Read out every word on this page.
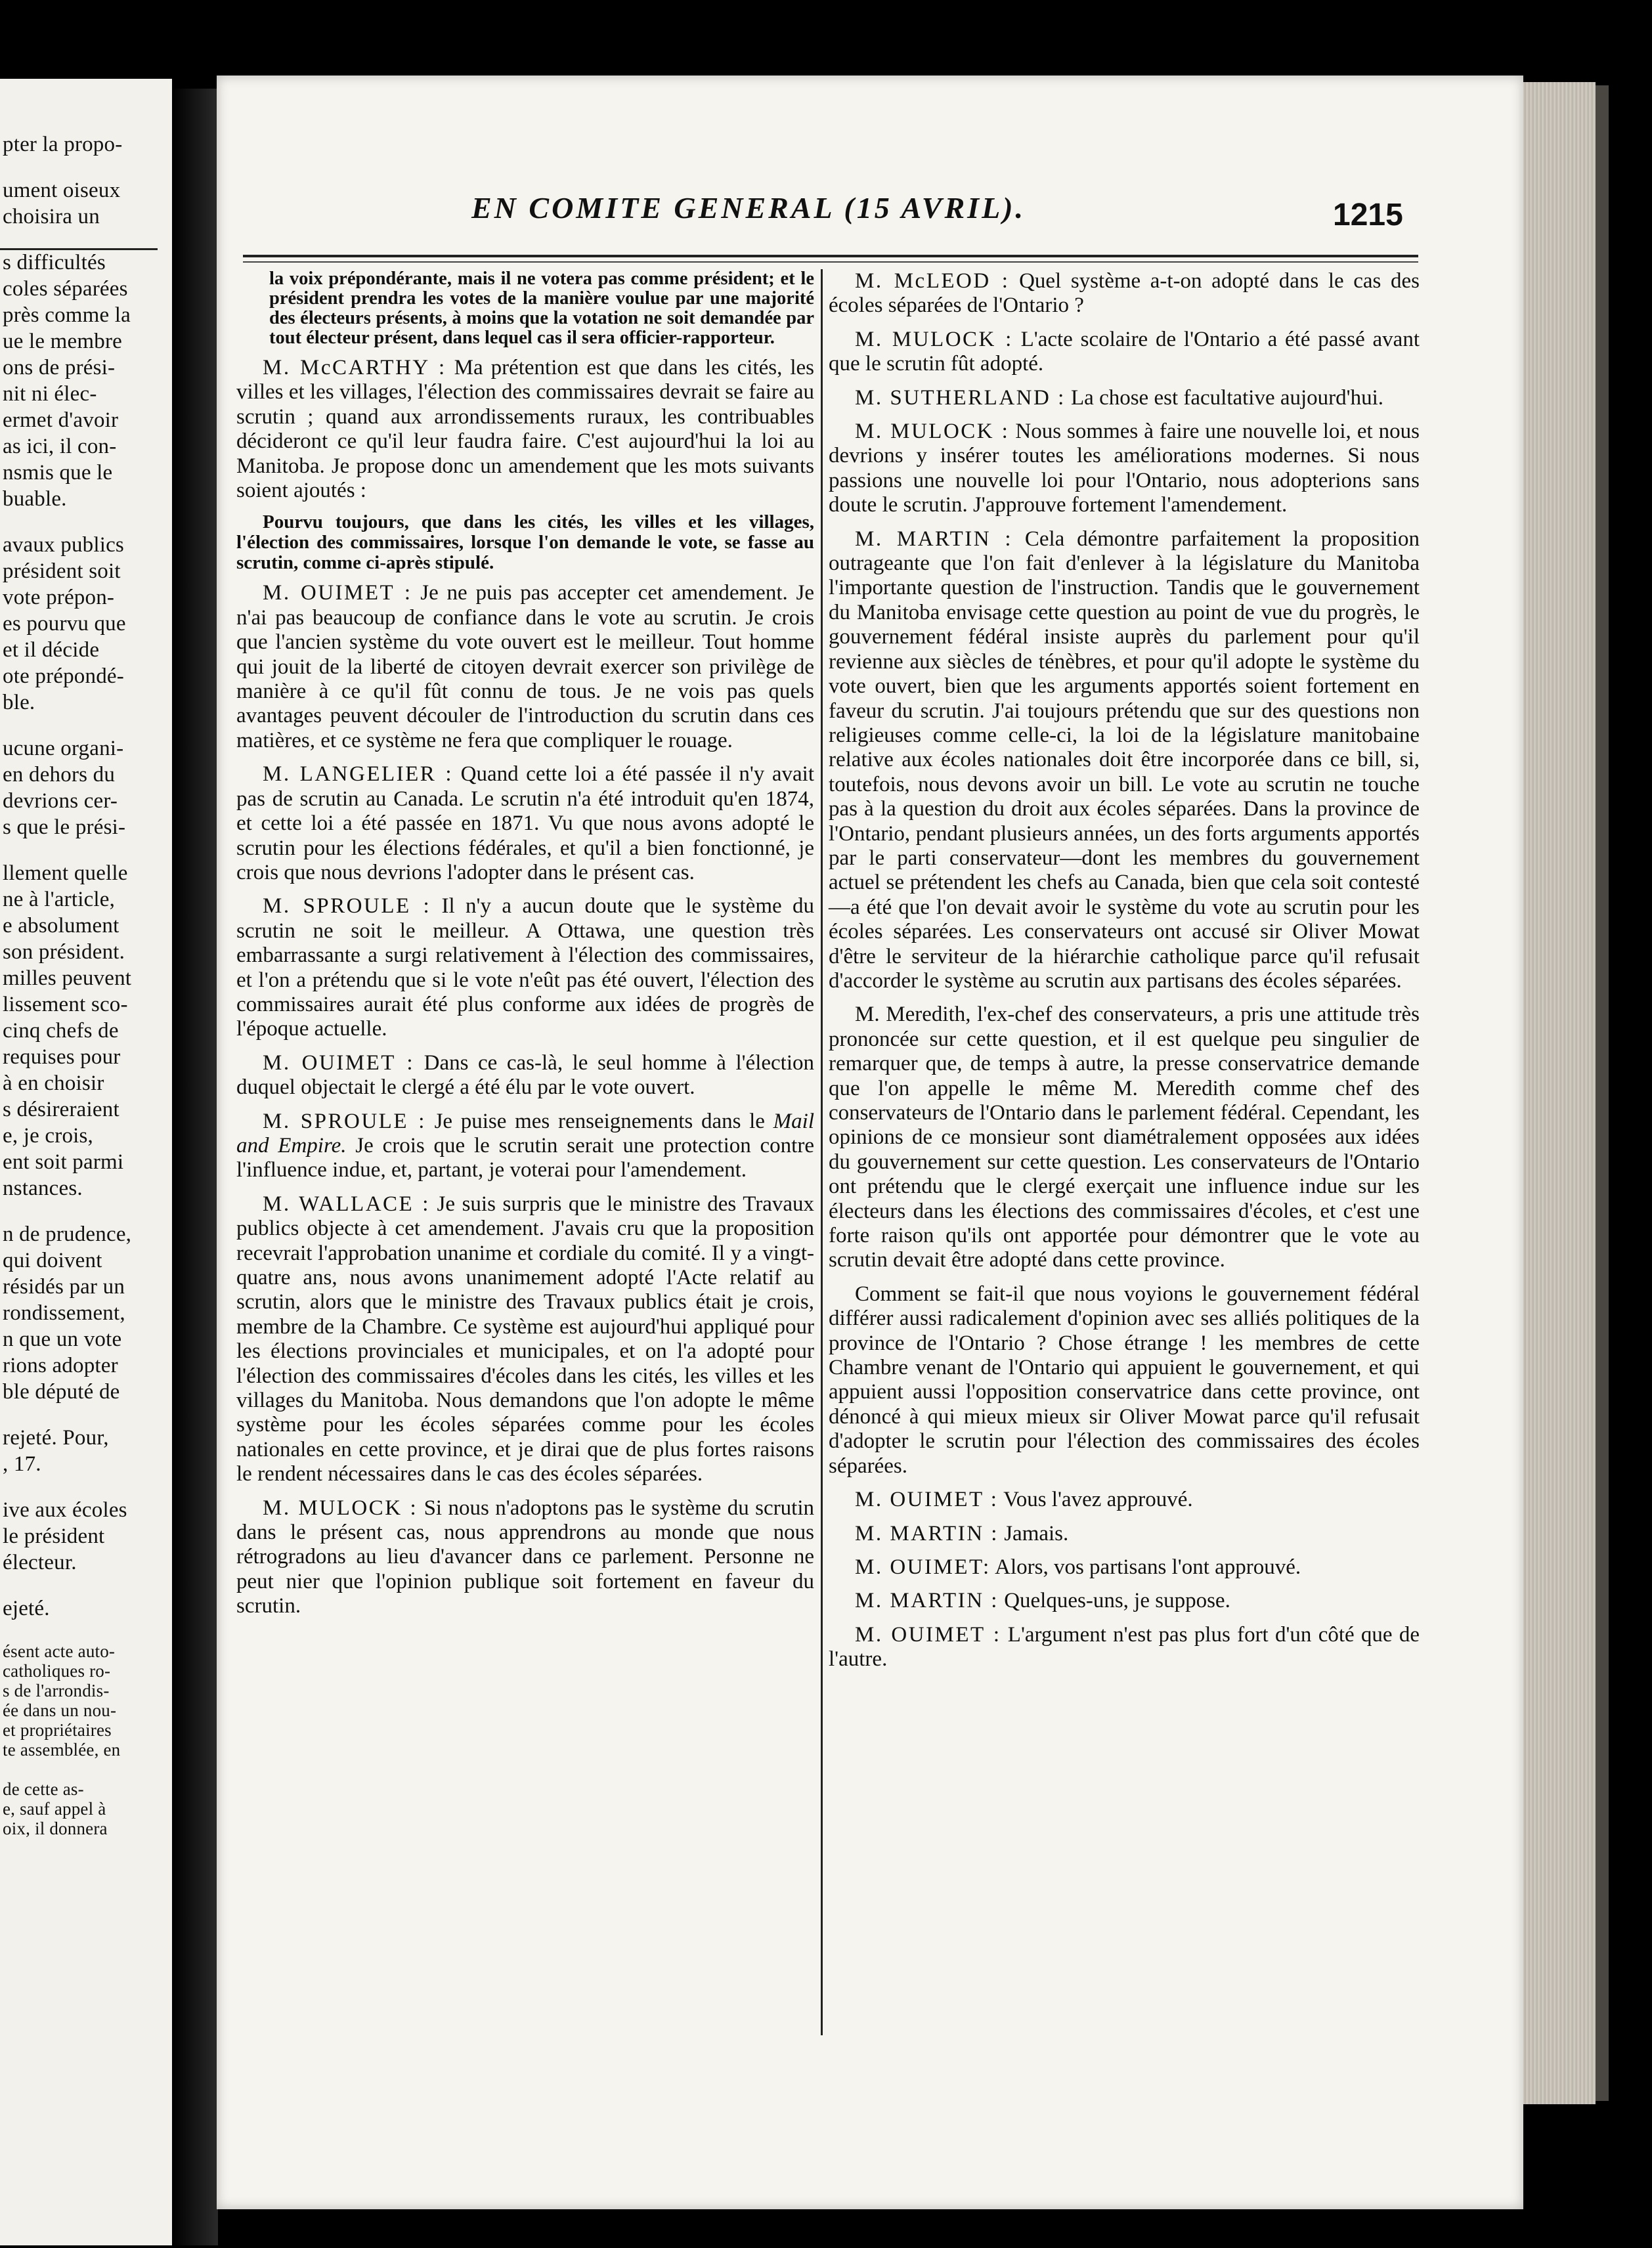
pter la propo-
ument oiseux
choisira un
s difficultés
coles séparées
près comme la
ue le membre
ons de prési-
nit ni élec-
ermet d'avoir
as ici, il con-
nsmis que le
buable.
avaux publics
président soit
vote prépon-
es pourvu que
et il décide
ote prépondé-
ble.
ucune organi-
en dehors du
devrions cer-
s que le prési-
llement quelle
ne à l'article,
e absolument
son président.
milles peuvent
lissement sco-
cinq chefs de
requises pour
à en choisir
s désireraient
e, je crois,
ent soit parmi
nstances.
n de prudence,
qui doivent
résidés par un
rondissement,
n que un vote
rions adopter
ble député de
rejeté. Pour,
, 17.
ive aux écoles
le président
électeur.
ejeté.
ésent acte auto-
catholiques ro-
s de l'arrondis-
ée dans un nou-
et propriétaires
te assemblée, en
de cette as-
e, sauf appel à
oix, il donnera
EN COMITE GENERAL (15 AVRIL).	1215

la voix prépondérante, mais il ne votera pas comme président; et le président prendra les votes de la manière voulue par une majorité des électeurs présents, à moins que la votation ne soit demandée par tout électeur présent, dans lequel cas il sera officier-rapporteur.

M. McCARTHY : Ma prétention est que dans les cités, les villes et les villages, l'élection des commissaires devrait se faire au scrutin ; quand aux arrondissements ruraux, les contribuables décideront ce qu'il leur faudra faire. C'est aujourd'hui la loi au Manitoba. Je propose donc un amendement que les mots suivants soient ajoutés :

Pourvu toujours, que dans les cités, les villes et les villages, l'élection des commissaires, lorsque l'on demande le vote, se fasse au scrutin, comme ci-après stipulé.

M. OUIMET : Je ne puis pas accepter cet amendement. Je n'ai pas beaucoup de confiance dans le vote au scrutin. Je crois que l'ancien système du vote ouvert est le meilleur. Tout homme qui jouit de la liberté de citoyen devrait exercer son privilège de manière à ce qu'il fût connu de tous. Je ne vois pas quels avantages peuvent découler de l'introduction du scrutin dans ces matières, et ce système ne fera que compliquer le rouage.

M. LANGELIER : Quand cette loi a été passée il n'y avait pas de scrutin au Canada. Le scrutin n'a été introduit qu'en 1874, et cette loi a été passée en 1871. Vu que nous avons adopté le scrutin pour les élections fédérales, et qu'il a bien fonctionné, je crois que nous devrions l'adopter dans le présent cas.

M. SPROULE : Il n'y a aucun doute que le système du scrutin ne soit le meilleur. A Ottawa, une question très embarrassante a surgi relativement à l'élection des commissaires, et l'on a prétendu que si le vote n'eût pas été ouvert, l'élection des commissaires aurait été plus conforme aux idées de progrès de l'époque actuelle.

M. OUIMET : Dans ce cas-là, le seul homme à l'élection duquel objectait le clergé a été élu par le vote ouvert.

M. SPROULE : Je puise mes renseignements dans le Mail and Empire. Je crois que le scrutin serait une protection contre l'influence indue, et, partant, je voterai pour l'amendement.

M. WALLACE : Je suis surpris que le ministre des Travaux publics objecte à cet amendement. J'avais cru que la proposition recevrait l'approbation unanime et cordiale du comité. Il y a vingt-quatre ans, nous avons unanimement adopté l'Acte relatif au scrutin, alors que le ministre des Travaux publics était je crois, membre de la Chambre. Ce système est aujourd'hui appliqué pour les élections provinciales et municipales, et on l'a adopté pour l'élection des commissaires d'écoles dans les cités, les villes et les villages du Manitoba. Nous demandons que l'on adopte le même système pour les écoles séparées comme pour les écoles nationales en cette province, et je dirai que de plus fortes raisons le rendent nécessaires dans le cas des écoles séparées.

M. MULOCK : Si nous n'adoptons pas le système du scrutin dans le présent cas, nous apprendrons au monde que nous rétrogradons au lieu d'avancer dans ce parlement. Personne ne peut nier que l'opinion publique soit fortement en faveur du scrutin.

M. McLEOD : Quel système a-t-on adopté dans le cas des écoles séparées de l'Ontario ?

M. MULOCK : L'acte scolaire de l'Ontario a été passé avant que le scrutin fût adopté.

M. SUTHERLAND : La chose est facultative aujourd'hui.

M. MULOCK : Nous sommes à faire une nouvelle loi, et nous devrions y insérer toutes les améliorations modernes. Si nous passions une nouvelle loi pour l'Ontario, nous adopterions sans doute le scrutin. J'approuve fortement l'amendement.

M. MARTIN : Cela démontre parfaitement la proposition outrageante que l'on fait d'enlever à la législature du Manitoba l'importante question de l'instruction. Tandis que le gouvernement du Manitoba envisage cette question au point de vue du progrès, le gouvernement fédéral insiste auprès du parlement pour qu'il revienne aux siècles de ténèbres, et pour qu'il adopte le système du vote ouvert, bien que les arguments apportés soient fortement en faveur du scrutin. J'ai toujours prétendu que sur des questions non religieuses comme celle-ci, la loi de la législature manitobaine relative aux écoles nationales doit être incorporée dans ce bill, si, toutefois, nous devons avoir un bill. Le vote au scrutin ne touche pas à la question du droit aux écoles séparées. Dans la province de l'Ontario, pendant plusieurs années, un des forts arguments apportés par le parti conservateur—dont les membres du gouvernement actuel se prétendent les chefs au Canada, bien que cela soit contesté—a été que l'on devait avoir le système du vote au scrutin pour les écoles séparées. Les conservateurs ont accusé sir Oliver Mowat d'être le serviteur de la hiérarchie catholique parce qu'il refusait d'accorder le système au scrutin aux partisans des écoles séparées.

M. Meredith, l'ex-chef des conservateurs, a pris une attitude très prononcée sur cette question, et il est quelque peu singulier de remarquer que, de temps à autre, la presse conservatrice demande que l'on appelle le même M. Meredith comme chef des conservateurs de l'Ontario dans le parlement fédéral. Cependant, les opinions de ce monsieur sont diamétralement opposées aux idées du gouvernement sur cette question. Les conservateurs de l'Ontario ont prétendu que le clergé exerçait une influence indue sur les électeurs dans les élections des commissaires d'écoles, et c'est une forte raison qu'ils ont apportée pour démontrer que le vote au scrutin devait être adopté dans cette province.

Comment se fait-il que nous voyions le gouvernement fédéral différer aussi radicalement d'opinion avec ses alliés politiques de la province de l'Ontario ? Chose étrange ! les membres de cette Chambre venant de l'Ontario qui appuient le gouvernement, et qui appuient aussi l'opposition conservatrice dans cette province, ont dénoncé à qui mieux mieux sir Oliver Mowat parce qu'il refusait d'adopter le scrutin pour l'élection des commissaires des écoles séparées.

M. OUIMET : Vous l'avez approuvé.

M. MARTIN : Jamais.

M. OUIMET: Alors, vos partisans l'ont approuvé.

M. MARTIN : Quelques-uns, je suppose.

M. OUIMET : L'argument n'est pas plus fort d'un côté que de l'autre.
